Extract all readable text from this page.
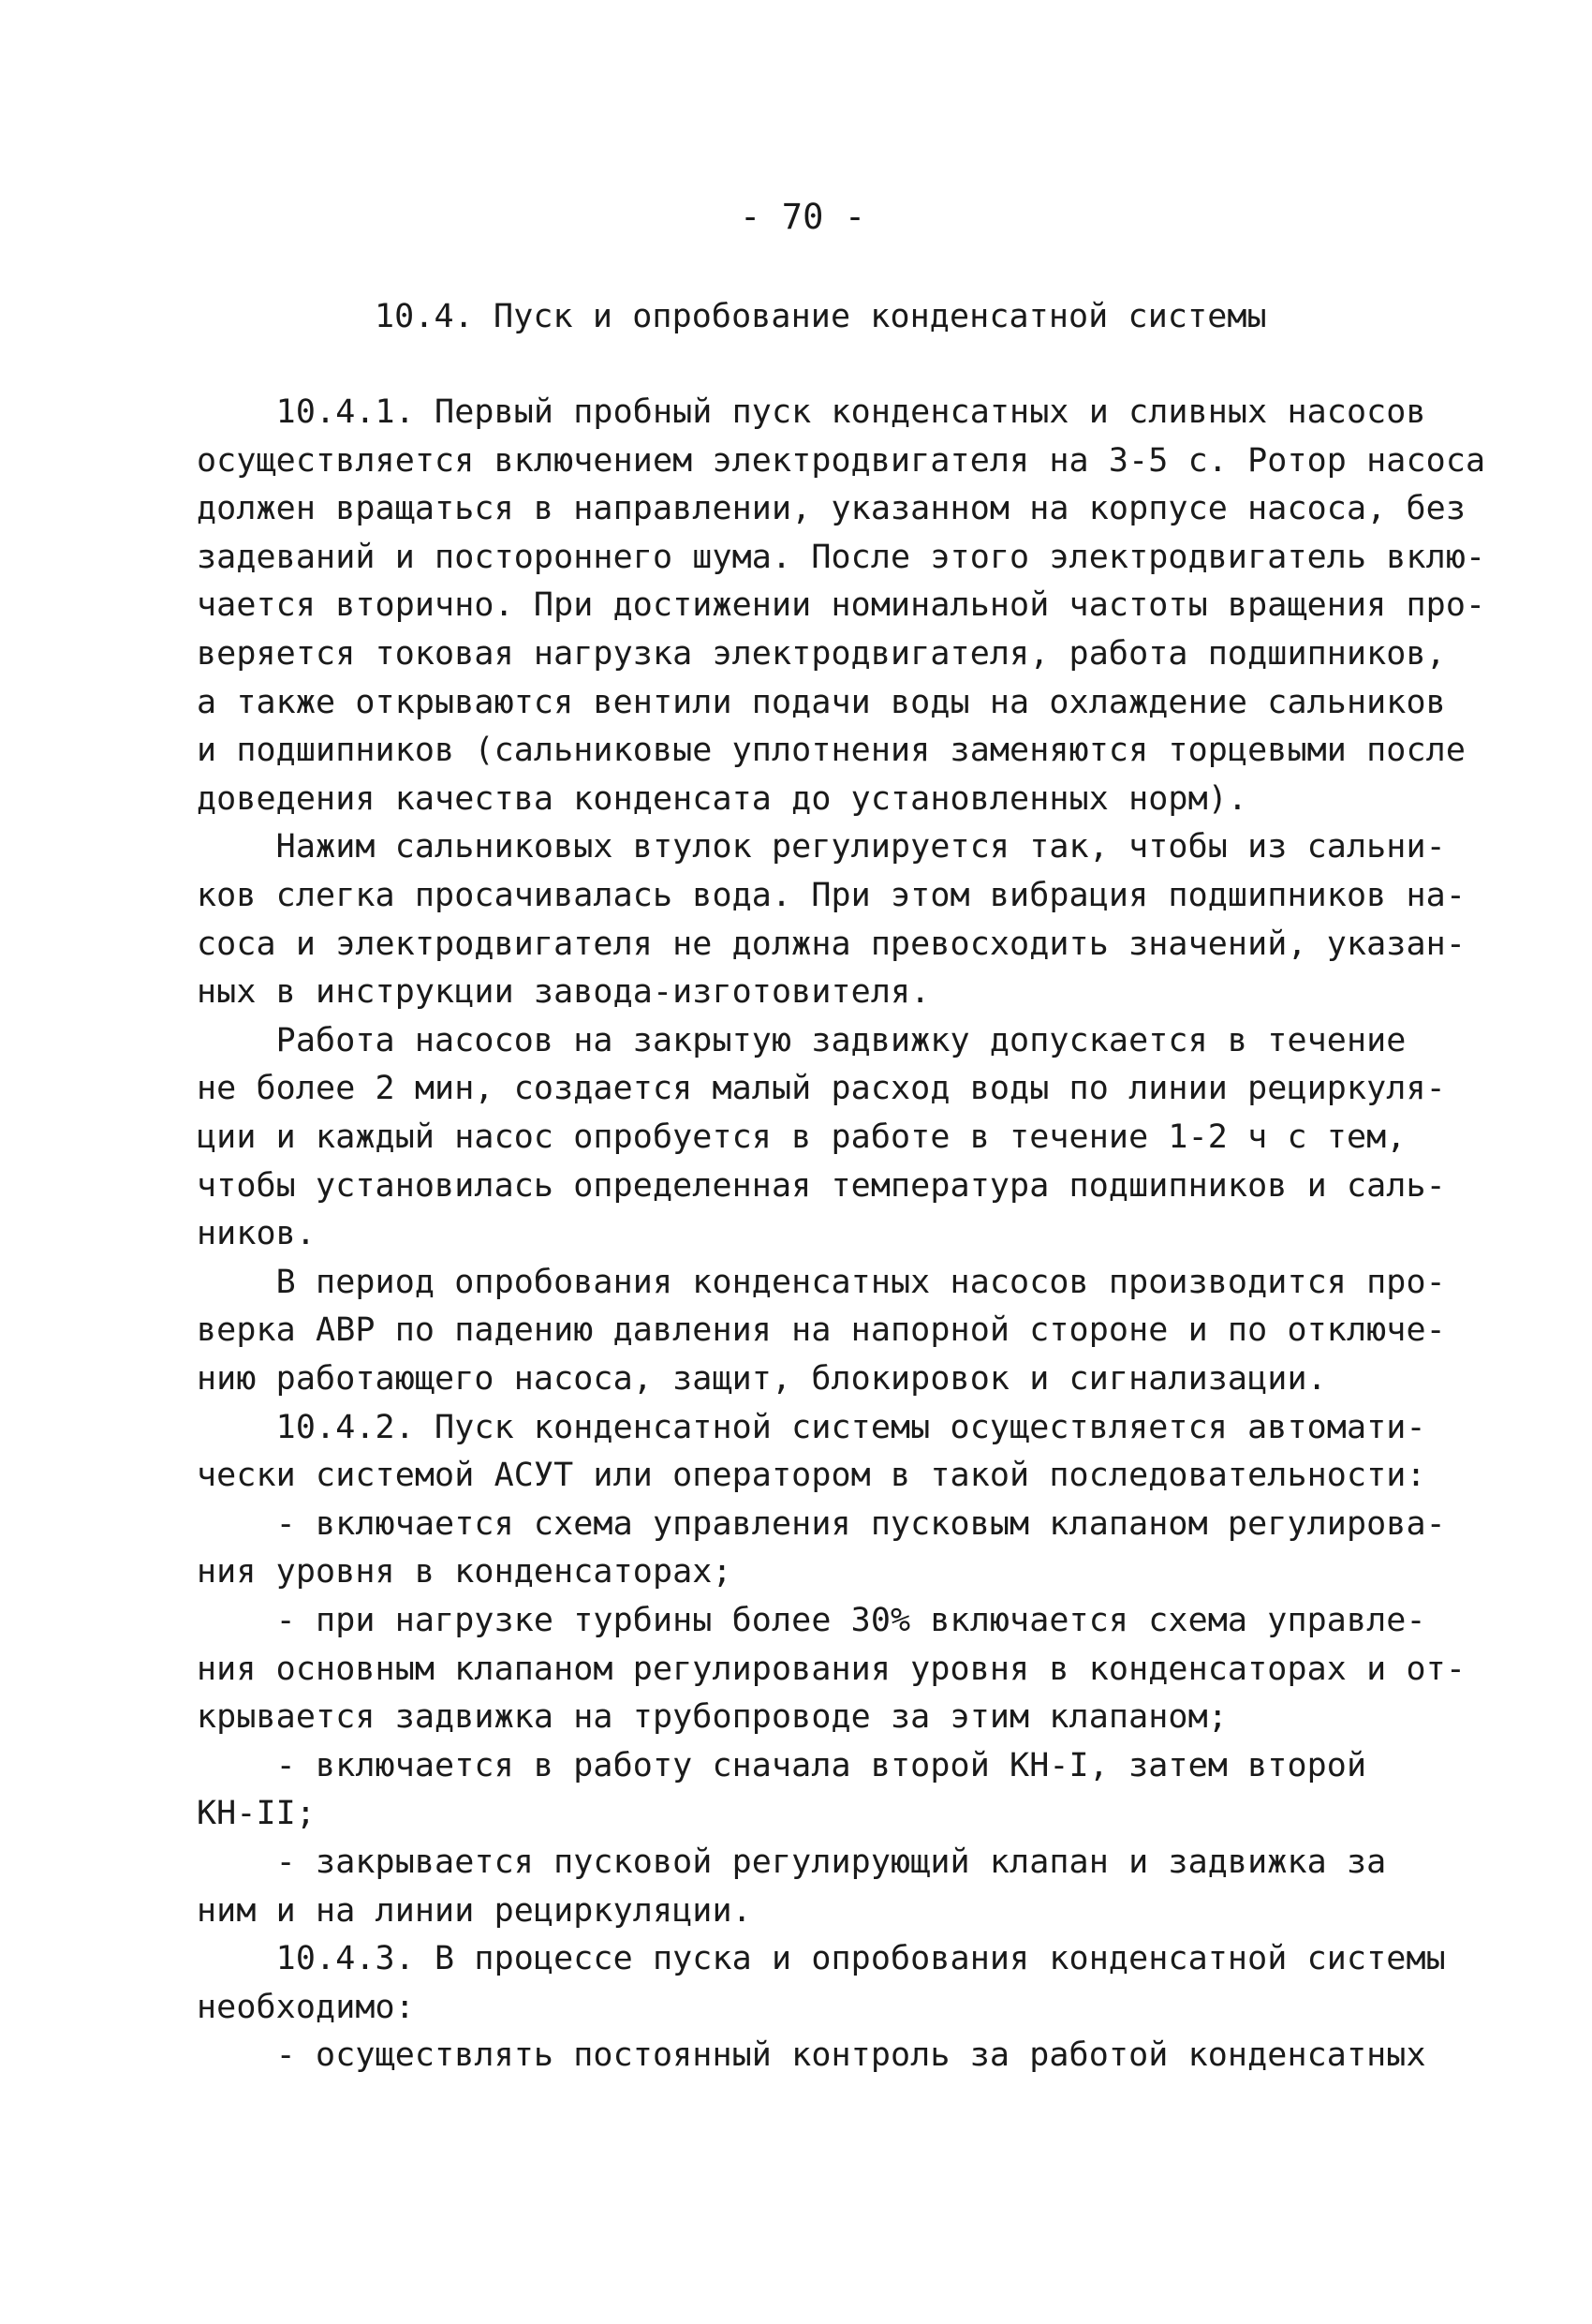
- 70 -
10.4. Пуск и опробование конденсатной системы
10.4.1. Первый пробный пуск конденсатных и сливных насосов
осуществляется включением электродвигателя на 3-5 с. Ротор насоса
должен вращаться в направлении, указанном на корпусе насоса, без
задеваний и постороннего шума. После этого электродвигатель вклю-
чается вторично. При достижении номинальной частоты вращения про-
веряется токовая нагрузка электродвигателя, работа подшипников,
а также открываются вентили подачи воды на охлаждение сальников
и подшипников (сальниковые уплотнения заменяются торцевыми после
доведения качества конденсата до установленных норм).
Нажим сальниковых втулок регулируется так, чтобы из сальни-
ков слегка просачивалась вода. При этом вибрация подшипников на-
соса и электродвигателя не должна превосходить значений, указан-
ных в инструкции завода-изготовителя.
Работа насосов на закрытую задвижку допускается в течение
не более 2 мин, создается малый расход воды по линии рециркуля-
ции и каждый насос опробуется в работе в течение 1-2 ч с тем,
чтобы установилась определенная температура подшипников и саль-
ников.
В период опробования конденсатных насосов производится про-
верка АВР по падению давления на напорной стороне и по отключе-
нию работающего насоса, защит, блокировок и сигнализации.
10.4.2. Пуск конденсатной системы осуществляется автомати-
чески системой АСУТ или оператором в такой последовательности:
- включается схема управления пусковым клапаном регулирова-
ния уровня в конденсаторах;
- при нагрузке турбины более 30% включается схема управле-
ния основным клапаном регулирования уровня в конденсаторах и от-
крывается задвижка на трубопроводе за этим клапаном;
- включается в работу сначала второй КН-I, затем второй
КН-II;
- закрывается пусковой регулирующий клапан и задвижка за
ним и на линии рециркуляции.
10.4.3. В процессе пуска и опробования конденсатной системы
необходимо:
- осуществлять постоянный контроль за работой конденсатных
